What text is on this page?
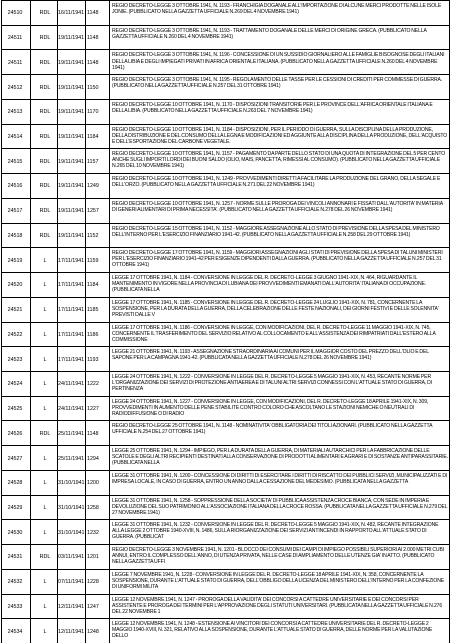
24510	RDL	16/11/1941 1148
REGIO DECRETO-LEGGE 3 OTTOBRE 1941, N. 1193 - FRANCHIGIA DOGANALE ALL'IMPORTAZIONE DI ALCUNE MERCI PRODOTTE NELLE ISOLE JONIE. (PUBBLICATO NELLA GAZZETTA UFFICIALE N.269 DEL 4 NOVEMBRE 1941)
24511	RDL	19/11/1941 1148
REGIO DECRETO-LEGGE 3 OTTOBRE 1941, N. 1193 - TRATTAMENTO DOGANALE DELLE MERCI DI ORIGINE GRECA. (PUBBLICATO NELLA GAZZETTA UFFICIALE N.260 DEL 4 NOVEMBRE 1941)
24511	RDL	19/11/1941 1148
REGIO DECRETO-LEGGE 3 OTTOBRE 1941, N. 1196 - CONCESSIONE DI UN SUSSIDIO GIORNALIERO ALLE FAMIGLIE BISOGNOSE DEGLI ITALIANI DELLA LIBIA E DEGLI IMPIEGATI PRIVATI IN AFRICA ORIENTALE ITALIANA. (PUBBLICATO NELLA GAZZETTA UFFICIALE N.260 DEL 4 NOVEMBRE 1941)
24512	RDL	19/11/1941 1150
REGIO DECRETO-LEGGE 3 OTTOBRE 1941, N. 1195 - REGOLAMENTO DELLE TASSE PER LE CESSIONI DI CREDITI PER COMMESSE DI GUERRA. (PUBBLICATO NELLA GAZZETTA UFFICIALE N.257 DEL 31 OTTOBRE 1941)
24513	RDL	19/11/1941 1170
REGIO DECRETO-LEGGE 10 OTTOBRE 1941, N. 1170 - DISPOSIZIONI TRANSITORIE PER LE PROVINCE DELL'AFRICA ORIENTALE ITALIANA E DELLA LIBIA. (PUBBLICATO NELLA GAZZETTA UFFICIALE N.263 DEL 7 NOVEMBRE 1941)
24514	RDL	19/11/1941 1184
REGIO DECRETO-LEGGE 10 OTTOBRE 1941, N. 1184 - DISPOSIZIONI, PER IL PERIODO DI GUERRA, SULLA DISCIPLINA DELLA PRODUZIONE, DELLA DISTRIBUZIONE E DEL CONSUMO DELLA LEGNA E MODIFICAZIONI ED AGGIUNTE ALLA DISCIPLINA DELLA PRODUZIONE, DELL'ACQUISTO E DELL'ESPORTAZIONE DEL CARBONE VEGETALE.
24515	RDL	19/11/1941 1157
REGIO DECRETO-LEGGE 10 OTTOBRE 1941, N. 1157 - PAGAMENTO DA PARTE DELLO STATO DI UNA QUOTA DI INTEGRAZIONE DEL 5 PER CENTO ANCHE SUGLI IMPORTI LORDI DEI BUONI SALDO (OLIO, MAIS, PANCETTA, RIMESSI AL CONSUMO). (PUBBLICATO NELLA GAZZETTA UFFICIALE N.265 DEL 10 NOVEMBRE 1941)
24516	RDL	19/11/1941 1249
REGIO DECRETO-LEGGE 10 OTTOBRE 1941, N. 1249 - PROVVEDIMENTI DIRETTI A FACILITARE LA PRODUZIONE DEL GRANO, DELLA SEGALE E DELL'ORZO. (PUBBLICATO NELLA GAZZETTA UFFICIALE N.271 DEL 22 NOVEMBRE 1941)
24517	RDL	19/11/1941 1257
REGIO DECRETO-LEGGE 10 OTTOBRE 1941, N. 1257 - NORME SULLE PROROGA DEI VINCOLI ANNONARI E FISSATI DALL'AUTORITA' IN MATERIA DI GENERI ALIMENTARI DI PRIMA NECESSITA'. (PUBBLICATO NELLA GAZZETTA UFFICIALE N.278 DEL 26 NOVEMBRE 1941)
24518	RDL	19/11/1941 1152
REGIO DECRETO-LEGGE 15 OTTOBRE 1941, N. 1152 - MAGGIORE ASSEGNAZIONE ALLO STATO DI PREVISIONE DELLA SPESA DEL MINISTERO DELL'INTERNO PER L'ESERCIZIO FINANZIARIO 1941-42. (PUBBLICATO NELLA GAZZETTA UFFICIALE N.258 DEL 29 OTTOBRE 1941)
24519	L	17/11/1941 1159
REGIO DECRETO-LEGGE 17 OTTOBRE 1941, N. 1159 - MAGGIORI ASSEGNAZIONI AGLI STATI DI PREVISIONE DELLA SPESA DI TALUNI MINISTERI PER L'ESERCIZIO FINANZIARIO 1941-42 PER ESIGENZE DIPENDENTI DALLA GUERRA. (PUBBLICATO NELLA GAZZETTA UFFICIALE N.257 DEL 31 OTTOBRE 1941)
24520	L	17/11/1941 1184
LEGGE 17 OTTOBRE 1941, N. 1184 - CONVERSIONE IN LEGGE DEL R. DECRETO-LEGGE 3 GIUGNO 1941-XIX, N. 464, RIGUARDANTE IL MANTENIMENTO IN VIGORE NELLA PROVINCIA DI LUBIANA DEI PROVVEDIMENTI EMANATI DALL'AUTORITA' ITALIANA DI OCCUPAZIONE. (PUBBLICATA NELLA
24521	L	17/11/1941 1185
LEGGE 17 OTTOBRE 1941, N. 1185 - CONVERSIONE IN LEGGE DEL R. DECRETO-LEGGE 24 LUGLIO 1941-XIX, N. 781, CONCERNENTE LA SOSPENSIONE, PER LA DURATA DELLA GUERRA, DELLA CELEBRAZIONE DELLE FESTE NAZIONALI, DEI GIORNI FESTIVI E DELLE SOLENNITA' PREVISTI DALLE V
24522	L	17/11/1941 1186
LEGGE 17 OTTOBRE 1941, N. 1186 - CONVERSIONE IN LEGGE, CON MODIFICAZIONI, DEL R. DECRETO-LEGGE 11 MAGGIO 1941-XIX, N. 745, CONCERNENTE IL TRASFERIMENTO DEL SERVIZIO RELATIVO AL COLLOCAMENTO E ALL'ASSISTENZA DEI RIMPATRIATI DALL'ESTERO ALLA COMMISSIONE
24523	L	17/11/1941 1193
LEGGE 21 OTTOBRE 1941, N. 1193 - ASSEGNAZIONE STRAORDINARIA AI COMUNI PER IL MAGGIOR COSTO DEL PREZZO DELL'OLIO E DEL SAPONE PER LA CAMPAGNA 1941-42. (PUBBLICATA NELLA GAZZETTA UFFICIALE N.278 DEL 26 NOVEMBRE 1941)
24524	L	24/11/1941 1222
LEGGE 24 OTTOBRE 1941, N. 1222 - CONVERSIONE IN LEGGE DEL R. DECRETO-LEGGE 5 MAGGIO 1941-XIX, N. 453, RECANTE NORME PER L'ORGANIZZAZIONE DEI SERVIZI DI PROTEZIONE ANTIAEREA E DI TALUNI ALTRI SERVIZI CONNESSI CON L'ATTUALE STATO DI GUERRA, DI PERTINENZA
24525	L	24/11/1941 1227
LEGGE 24 OTTOBRE 1941, N. 1227 - CONVERSIONE IN LEGGE, CON MODIFICAZIONI, DEL R. DECRETO-LEGGE 18 APRILE 1941-XIX, N. 309, PROVVEDIMENTI IN AUMENTO DELLE PENE STABILITE CONTRO COLORO CHE ASCOLTANO LE STAZIONI NEMICHE O NEUTRALI DI RADIODIFFUSIONE O DI RADIO
24526	RDL	25/11/1941 1148
REGIO DECRETO-LEGGE 25 OTTOBRE 1941, N. 1148 - NOMINATIVITA' OBBLIGATORIA DEI TITOLI AZIONARI. (PUBBLICATO NELLA GAZZETTA UFFICIALE N.254 DEL 27 OTTOBRE 1941)
24527	L	25/11/1941 1294
LEGGE 25 OTTOBRE 1941, N. 1294 - IMPIEGO, PER LA DURATA DELLA GUERRA, DI MATERIALI AUTARCHICI PER LA FABBRICAZIONE DELLE SCATOLE E DEGLI ALTRI RECIPIENTI DESTINATI ALLA CONSERVAZIONE DI PRODOTTI ALIMENTARI E AGRARI E DI SOSTANZE ANTIPARASSITARIE. (PUBBLICATA NELLA
24528	L	31/10/1941 1200
LEGGE 31 OTTOBRE 1941, N. 1200 - CONCESSIONE DI DIRITTI DI ESERCITARE I DIRITTI DI RISCATTO DEI PUBBLICI SERVIZI, MUNICIPALIZZATI E DI IMPRESA LOCALE, IN CASO DI GUERRA, ENTRO UN ANNO DALLA CESSAZIONE DEL MEDESIMO. (PUBBLICATA NELLA GAZZETTA
24529	L	31/10/1941 1258
LEGGE 31 OTTOBRE 1941, N. 1258 - SOPPRESSIONE DELLA SOCIETA' DI PUBBLICA ASSISTENZA CROCE BIANCA, CON SEDE IN IMPERIA E DEVOLUZIONE DEL SUO PATRIMONIO ALL'ASSOCIAZIONE ITALIANA DELLA CROCE ROSSA. (PUBBLICATA NELLA GAZZETTA UFFICIALE N.279 DEL 27 NOVEMBRE 1941)
24530	L	31/10/1941 1232
LEGGE 31 OTTOBRE 1941, N. 1232 - CONVERSIONE IN LEGGE DEL R. DECRETO-LEGGE 5 MAGGIO 1941-XIX, N. 482, RECANTE INTEGRAZIONE ALLA LEGGE 2 OTTOBRE 1940-XVIII, N. 1486, SULLA RIORGANIZZAZIONE DEI SERVIZI ANTINCENDI IN RAPPORTO ALL'ATTUALE STATO DI GUERRA. (PUBBLICAT
24531	RDL	03/11/1941 1201
REGIO DECRETO-LEGGE 3 NOVEMBRE 1941, N. 1201 - BLOCCO DEI CONSUMI DEI CAMPI DI IMPIEGO POSSIBILI SUPERIORI AI 2.000 METRI CUBI ANNUI, ENTRO IL COMPLESSO DELL'ANNO, DI UTENZA PRIVATA, NELLE CASE DI AMPLIAMENTO DELLE UTENZE GIA' IN ATTO. (PUBBLICATO NELLA GAZZETTA UFFI
24532	L	07/11/1941 1228
LEGGE 7 NOVEMBRE 1941, N. 1228 - CONVERSIONE IN LEGGE DEL R. DECRETO-LEGGE 18 APRILE 1941-XIX, N. 358, CONCERNENTE LA SOSPENSIONE, DURANTE L'ATTUALE STATO DI GUERRA, DELL'OBBLIGO DELLA LICENZA DEL MINISTERO DELL'INTERNO PER LA CONFEZIONE DI UNIFORMI MILITA
24533	L	12/11/1941 1247
LEGGE 12 NOVEMBRE 1941, N. 1247 - PROROGA DELLA VALIDITA' DEI CONCORSI A CATTEDRE UNIVERSITARIE E DEI CONCORSI PER ASSISTENTE E PROROGA DEI TERMINI PER L'APPROVAZIONE DEGLI STATUTI UNIVERSITARI. (PUBBLICATA NELLA GAZZETTA UFFICIALE N.276 DEL 22 NOVEMBRE 1
24534	L	12/11/1941 1248
LEGGE 12 NOVEMBRE 1941, N. 1248 - ESTENSIONE AI VINCITORI DEI CONCORSI A CATTEDRE UNIVERSITARIE DEL R. DECRETO-LEGGE 2 MAGGIO 1940-XVIII, N. 321, RELATIVO ALLA SOSPENSIONE, DURANTE L'ATTUALE STATO DI GUERRA, DELLE NORME PER LA VALUTAZIONE DELLO
